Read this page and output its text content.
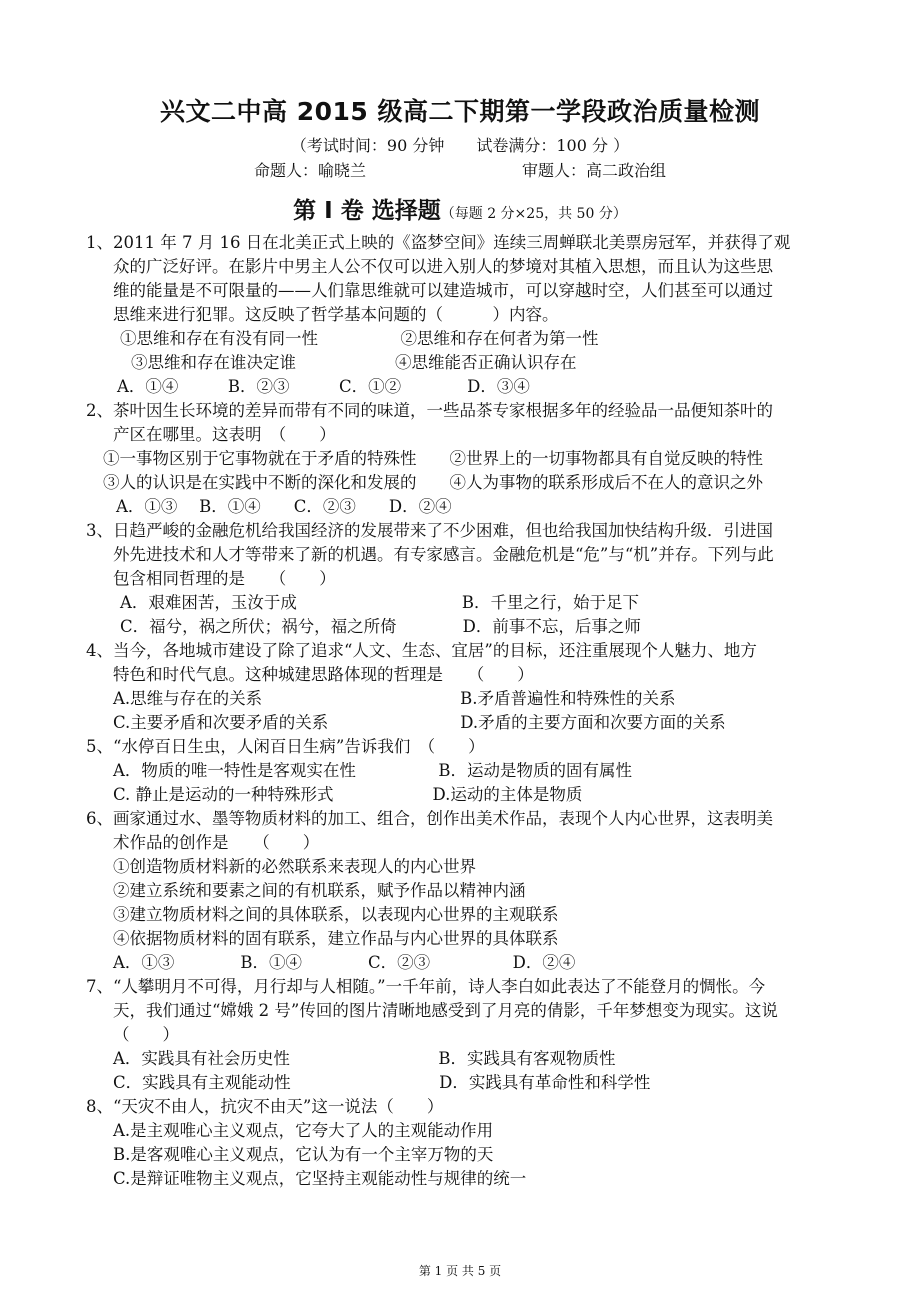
兴文二中高 2015 级高二下期第一学段政治质量检测
（考试时间：90 分钟　　试卷满分：100 分 ）
命题人：喻晓兰	审题人：高二政治组
第 I 卷 选择题（每题 2 分×25，共 50 分）
1、2011 年 7 月 16 日在北美正式上映的《盗梦空间》连续三周蝉联北美票房冠军，并获得了观
众的广泛好评。在影片中男主人公不仅可以进入别人的梦境对其植入思想，而且认为这些思
维的能量是不可限量的——人们靠思维就可以建造城市，可以穿越时空，人们甚至可以通过
思维来进行犯罪。这反映了哲学基本问题的（　　　）内容。
①思维和存在有没有同一性　　　　　②思维和存在何者为第一性
③思维和存在谁决定谁　　　　　　④思维能否正确认识存在
A．①④　　　B．②③　　　C．①②　　　　D．③④
2、茶叶因生长环境的差异而带有不同的味道，一些品茶专家根据多年的经验品一品便知茶叶的
产区在哪里。这表明　（　　）
①一事物区别于它事物就在于矛盾的特殊性　　②世界上的一切事物都具有自觉反映的特性
③人的认识是在实践中不断的深化和发展的　　④人为事物的联系形成后不在人的意识之外
A．①③　 B．①④　　C．②③　　D．②④
3、日趋严峻的金融危机给我国经济的发展带来了不少困难，但也给我国加快结构升级．引进国
外先进技术和人才等带来了新的机遇。有专家感言。金融危机是“危”与“机”并存。下列与此
包含相同哲理的是　　（　　）
A．艰难困苦，玉汝于成　　　　　　　　　　B．千里之行，始于足下
C．福兮，祸之所伏；祸兮，福之所倚　　　　D．前事不忘，后事之师
4、当今，各地城市建设了除了追求“人文、生态、宜居”的目标，还注重展现个人魅力、地方
特色和时代气息。这种城建思路体现的哲理是　　（　　）
A.思维与存在的关系　　　　　　　　　　　　B.矛盾普遍性和特殊性的关系
C.主要矛盾和次要矛盾的关系　　　　　　　　D.矛盾的主要方面和次要方面的关系
5、“水停百日生虫，人闲百日生病”告诉我们　（　　）
A．物质的唯一特性是客观实在性　　　　　B．运动是物质的固有属性
C. 静止是运动的一种特殊形式　　　　　　D.运动的主体是物质
6、画家通过水、墨等物质材料的加工、组合，创作出美术作品，表现个人内心世界，这表明美
术作品的创作是　　（　　）
①创造物质材料新的必然联系来表现人的内心世界
②建立系统和要素之间的有机联系，赋予作品以精神内涵
③建立物质材料之间的具体联系，以表现内心世界的主观联系
④依据物质材料的固有联系，建立作品与内心世界的具体联系
A．①③　　　　B．①④　　　　C．②③　　　　　D．②④
7、“人攀明月不可得，月行却与人相随。”一千年前，诗人李白如此表达了不能登月的惆怅。今
天，我们通过“嫦娥 2 号”传回的图片清晰地感受到了月亮的倩影，千年梦想变为现实。这说
（　　）
A．实践具有社会历史性　　　　　　　　　B．实践具有客观物质性
C．实践具有主观能动性　　　　　　　　　D．实践具有革命性和科学性
8、“天灾不由人，抗灾不由天”这一说法（　　）
A.是主观唯心主义观点，它夸大了人的主观能动作用
B.是客观唯心主义观点，它认为有一个主宰万物的天
C.是辩证唯物主义观点，它坚持主观能动性与规律的统一
第 1 页 共 5 页
